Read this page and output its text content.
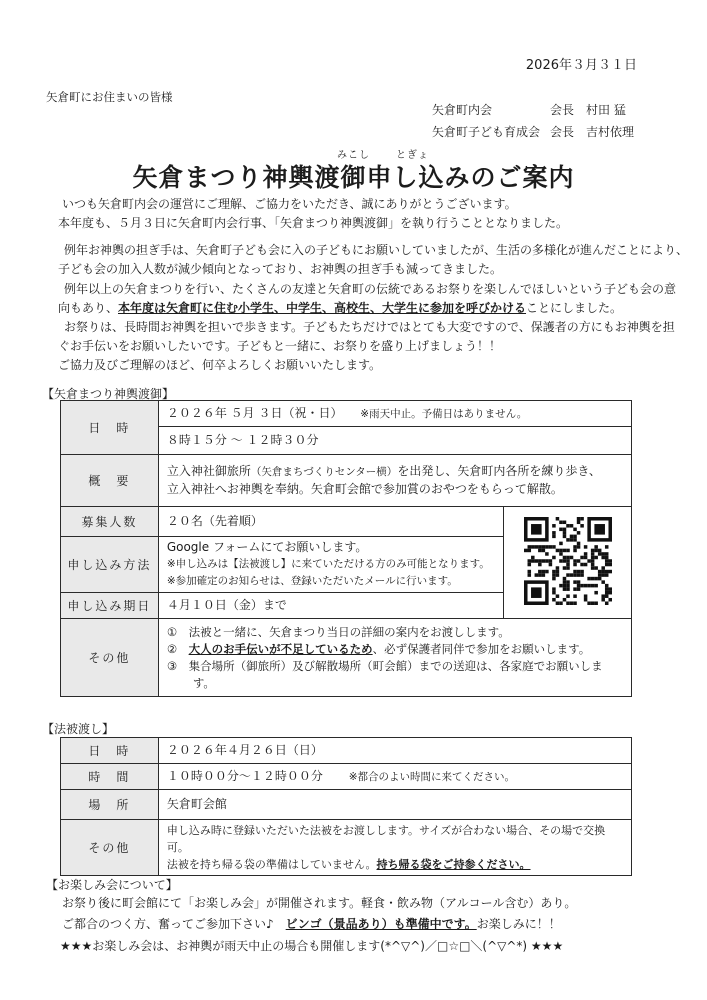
2026年３月３１日
矢倉町にお住まいの皆様
矢倉町内会	会長 村田 猛
矢倉町子ども育成会 会長 吉村依理
みこし	とぎょ
矢倉まつり神輿渡御申し込みのご案内
いつも矢倉町内会の運営にご理解、ご協力をいただき、誠にありがとうございます。
本年度も、５月３日に矢倉町内会行事、「矢倉まつり神輿渡御」を執り行うこととなりました。
例年お神輿の担ぎ手は、矢倉町子ども会に入の子どもにお願いしていましたが、生活の多様化が進んだことにより、
子ども会の加入人数が減少傾向となっており、お神輿の担ぎ手も減ってきました。
例年以上の矢倉まつりを行い、たくさんの友達と矢倉町の伝統であるお祭りを楽しんでほしいという子ども会の意
向もあり、本年度は矢倉町に住む小学生、中学生、高校生、大学生に参加を呼びかけることにしました。
お祭りは、長時間お神輿を担いで歩きます。子どもたちだけではとても大変ですので、保護者の方にもお神輿を担
ぐお手伝いをお願いしたいです。子どもと一緒に、お祭りを盛り上げましょう！！
ご協力及びご理解のほど、何卒よろしくお願いいたします。
【矢倉まつり神輿渡御】
日　時	２０２６年 ５月 ３日（祝・日） ※雨天中止。予備日はありません。	
	８時１５分 ～ １２時３０分	
概　要	立入神社御旅所（矢倉まちづくりセンター横）を出発し、矢倉町内各所を練り歩き、
立入神社へお神輿を奉納。矢倉町会館で参加賞のおやつをもらって解散。	

募集人数	２０名（先着順）	
申し込み方法	Google フォームにてお願いします。
※申し込みは【法被渡し】に来ていただける方のみ可能となります。
※参加確定のお知らせは、登録いただいたメールに行います。	

申し込み期日	４月１０日（金）まで	
その他	①　法被と一緒に、矢倉まつり当日の詳細の案内をお渡しします。
②　大人のお手伝いが不足しているため、必ず保護者同伴で参加をお願いします。
③　集合場所（御旅所）及び解散場所（町会館）までの送迎は、各家庭でお願いしま
す。	
【法被渡し】
日　時	２０２６年４月２６日（日）
時　間	１０時００分～１２時００分 ※都合のよい時間に来てください。
場　所	矢倉町会館
その他	申し込み時に登録いただいた法被をお渡しします。サイズが合わない場合、その場で交換可。
法被を持ち帰る袋の準備はしていません。持ち帰る袋をご持参ください。
【お楽しみ会について】
お祭り後に町会館にて「お楽しみ会」が開催されます。軽食・飲み物（アルコール含む）あり。
ご都合のつく方、奮ってご参加下さい♪　ビンゴ（景品あり）も準備中です。お楽しみに！！
★★★お楽しみ会は、お神輿が雨天中止の場合も開催します(*^▽^)／□☆□＼(^▽^*) ★★★
